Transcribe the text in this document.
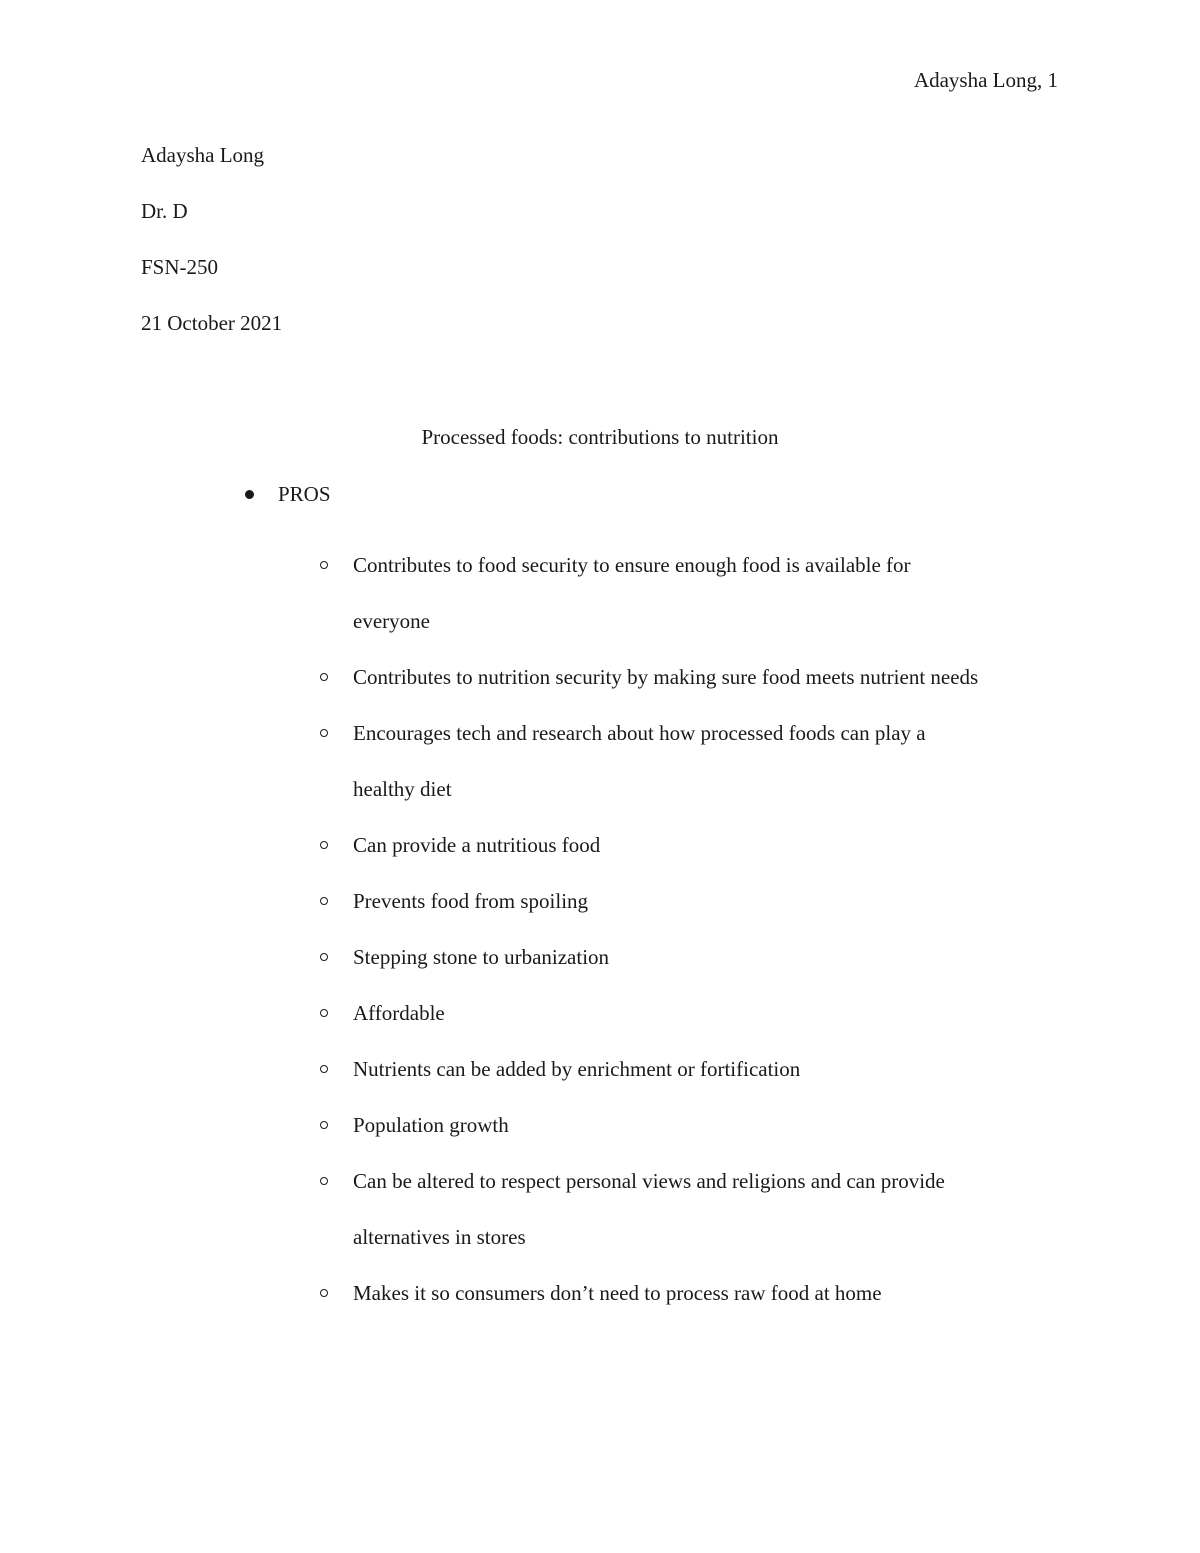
Adaysha Long, 1
Adaysha Long
Dr. D
FSN-250
21 October 2021
Processed foods: contributions to nutrition
PROS
Contributes to food security to ensure enough food is available for
everyone
Contributes to nutrition security by making sure food meets nutrient needs
Encourages tech and research about how processed foods can play a
healthy diet
Can provide a nutritious food
Prevents food from spoiling
Stepping stone to urbanization
Affordable
Nutrients can be added by enrichment or fortification
Population growth
Can be altered to respect personal views and religions and can provide
alternatives in stores
Makes it so consumers don’t need to process raw food at home
